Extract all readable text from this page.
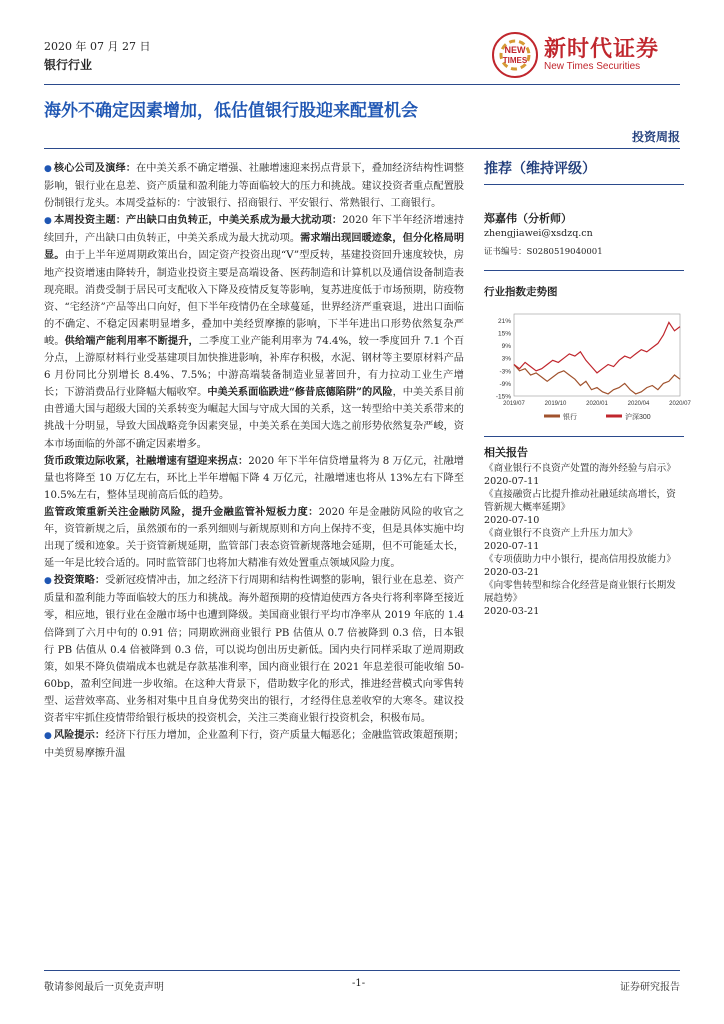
2020 年 07 月 27 日
银行行业
NEW
TIMES 新时代证券
New Times Securities
海外不确定因素增加，低估值银行股迎来配置机会
投资周报

● 核心公司及演绎：在中美关系不确定增强、社融增速迎来拐点背景下，叠加经济结构性调整影响，银行业在息差、资产质量和盈利能力等面临较大的压力和挑战。建议投资者重点配置股份制银行龙头。本周受益标的：宁波银行、招商银行、平安银行、常熟银行、工商银行。

● 本周投资主题：产出缺口由负转正，中美关系成为最大扰动项：2020 年下半年经济增速持续回升，产出缺口由负转正，中美关系成为最大扰动项。需求端出现回暖迹象，但分化格局明显。由于上半年逆周期政策出台，固定资产投资出现“V”型反转，基建投资回升速度较快，房地产投资增速由降转升，制造业投资主要是高端设备、医药制造和计算机以及通信设备制造表现亮眼。消费受制于居民可支配收入下降及疫情反复等影响，复苏进度低于市场预期，防疫物资、“宅经济”产品等出口向好，但下半年疫情仍在全球蔓延，世界经济严重衰退，进出口面临的不确定、不稳定因素明显增多，叠加中美经贸摩擦的影响，下半年进出口形势依然复杂严峻。供给端产能利用率不断提升，二季度工业产能利用率为 74.4%，较一季度回升 7.1 个百分点，上游原材料行业受基建项目加快推进影响，补库存积极，水泥、钢材等主要原材料产品 6 月份同比分别增长 8.4%、7.5%；中游高端装备制造业显著回升，有力拉动工业生产增长；下游消费品行业降幅大幅收窄。中美关系面临跌进“修昔底德陷阱”的风险，中美关系目前由普通大国与超级大国的关系转变为崛起大国与守成大国的关系，这一转型给中美关系带来的挑战十分明显，导致大国战略竞争因素突显，中美关系在美国大选之前形势依然复杂严峻，资本市场面临的外部不确定因素增多。

货币政策边际收紧，社融增速有望迎来拐点：2020 年下半年信贷增量将为 8 万亿元，社融增量也将降至 10 万亿左右，环比上半年增幅下降 4 万亿元，社融增速也将从 13%左右下降至 10.5%左右，整体呈现前高后低的趋势。

监管政策重新关注金融防风险，提升金融监管补短板力度：2020 年是金融防风险的收官之年，资管新规之后，虽然颁布的一系列细则与新规原则和方向上保持不变，但是具体实施中均出现了缓和迹象。关于资管新规延期，监管部门表态资管新规落地会延期，但不可能延太长，延一年是比较合适的。同时监管部门也将加大精准有效处置重点领域风险力度。

● 投资策略：受新冠疫情冲击，加之经济下行周期和结构性调整的影响，银行业在息差、资产质量和盈利能力等面临较大的压力和挑战。海外超预期的疫情迫使西方各央行将利率降至接近零，相应地，银行业在金融市场中也遭到降级。美国商业银行平均市净率从 2019 年底的 1.4 倍降到了六月中旬的 0.91 倍；同期欧洲商业银行 PB 估值从 0.7 倍被降到 0.3 倍，日本银行 PB 估值从 0.4 倍被降到 0.3 倍，可以说均创出历史新低。国内央行同样采取了逆周期政策，如果不降负债端成本也就是存款基准利率，国内商业银行在 2021 年息差很可能收缩 50-60bp，盈利空间进一步收缩。在这种大背景下，借助数字化的形式，推进经营模式向零售转型、运营效率高、业务相对集中且自身优势突出的银行，才经得住息差收窄的大寒冬。建议投资者牢牢抓住疫情带给银行板块的投资机会，关注三类商业银行投资机会，积极布局。

● 风险提示：经济下行压力增加，企业盈利下行，资产质量大幅恶化；金融监管政策超预期；中美贸易摩擦升温

推荐（维持评级）
郑嘉伟（分析师）
zhengjiawei@xsdzq.cn
证书编号：S0280519040001
行业指数走势图
21%
15%
9%
3%
-3%
-9%
-15%
2019/07	2019/10	2020/01	2020/04	2020/07
银行	沪深300
相关报告
《商业银行不良资产处置的海外经验与启示》
2020-07-11
《直接融资占比提升推动社融延续高增长，资管新规大概率延期》
2020-07-10
《商业银行不良资产上升压力加大》
2020-07-11
《专项债助力中小银行，提高信用投放能力》
2020-03-21
《向零售转型和综合化经营是商业银行长期发展趋势》
2020-03-21
敬请参阅最后一页免责声明	-1-	证券研究报告
